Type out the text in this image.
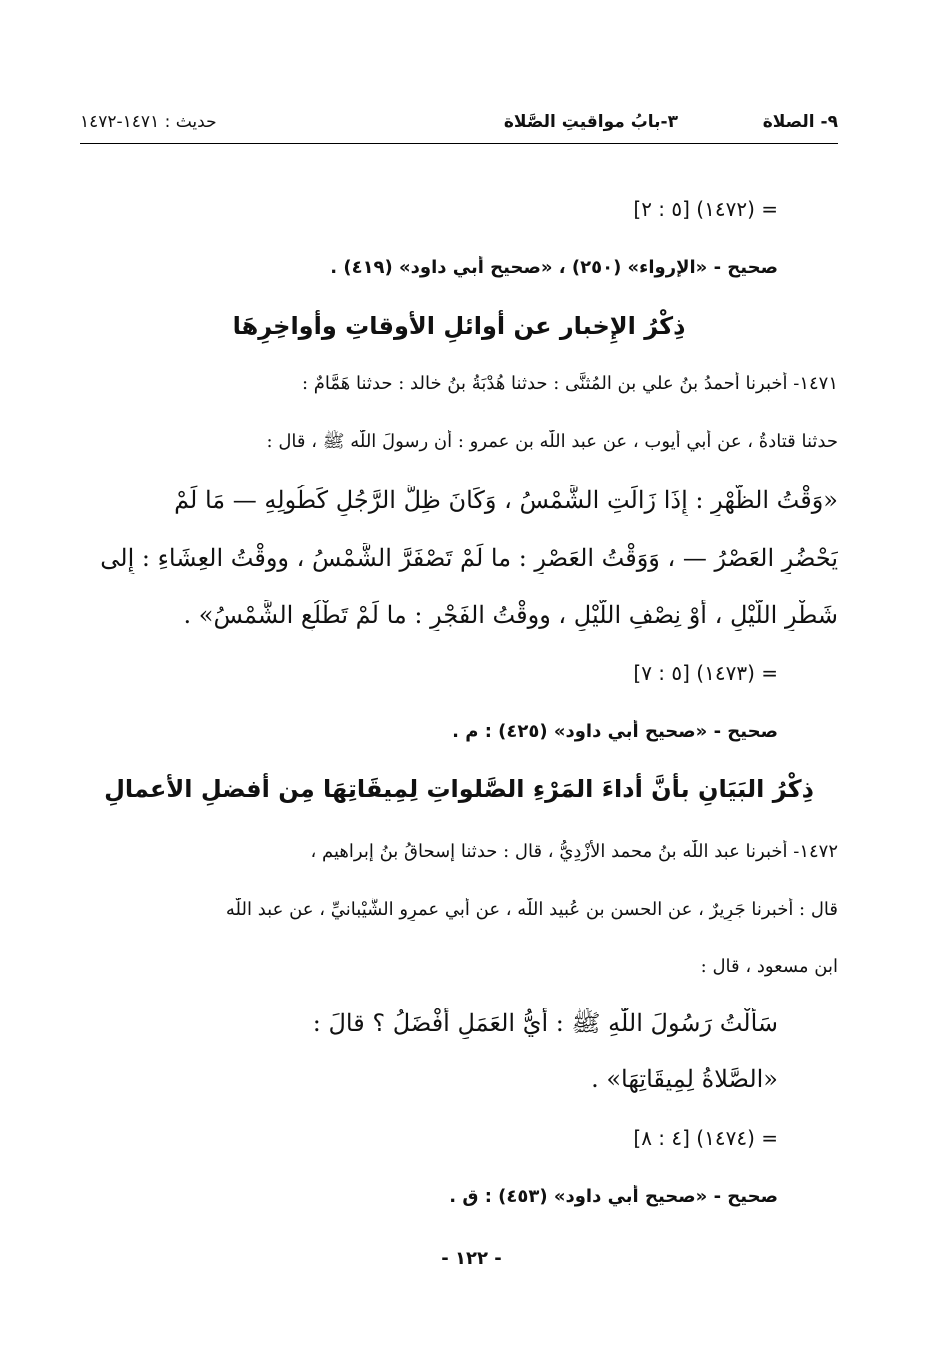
٩- الصلاة
٣-بابُ مواقيتِ الصَّلاة
حديث : ١٤٧١-١٤٧٢
= (١٤٧٢) [٥ : ٢]
صحيح - «الإرواء» (٢٥٠) ، «صحيح أبي داود» (٤١٩) .
ذِكْرُ الإِخبار عن أوائلِ الأوقاتِ وأواخِرِهَا
١٤٧١- أخبرنا أحمدُ بنُ علي بن المُثنَّى : حدثنا هُدْبَةُ بنُ خالد : حدثنا هَمَّامٌ :
حدثنا قتادةُ ، عن أبي أيوب ، عن عبد اللّٰه بن عمرو : أن رسولَ اللّٰه ﷺ ، قال :
«وَقْتُ الظُّهْرِ : إِذَا زَالَتِ الشَّمْسُ ، وَكَانَ ظِلُّ الرَّجُلِ كَطُولِهِ — مَا لَمْ
يَحْضُرِ العَصْرُ — ، وَوَقْتُ العَصْرِ : ما لَمْ تَصْفَرَّ الشَّمْسُ ، ووقْتُ العِشَاءِ : إِلى
شَطْرِ اللَّيْلِ ، أَوْ نِصْفِ اللَّيْلِ ، ووقْتُ الفَجْرِ : ما لَمْ تَطْلُعِ الشَّمْسُ» .
= (١٤٧٣) [٥ : ٧]
صحيح - «صحيح أبي داود» (٤٢٥) : م .
ذِكْرُ البَيَانِ بأنَّ أداءَ المَرْءِ الصَّلواتِ لِمِيقَاتِهَا مِن أفضلِ الأعمالِ
١٤٧٢- أخبرنا عبد اللّٰه بنُ محمد الأَزْدِيُّ ، قال : حدثنا إسحاقُ بنُ إبراهيم ،
قال : أخبرنا جَرِيرٌ ، عن الحسنِ بن عُبيد اللّٰه ، عن أبي عمرٍو الشَّيْبانيِّ ، عن عبد اللّٰه
ابن مسعود ، قال :
سَأَلْتُ رَسُولَ اللّٰهِ ﷺ : أَيُّ العَمَلِ أَفْضَلُ ؟ قالَ :
«الصَّلاةُ لِمِيقَاتِهَا» .
= (١٤٧٤) [٤ : ٨]
صحيح - «صحيح أبي داود» (٤٥٣) : ق .
- ١٢٢ -
